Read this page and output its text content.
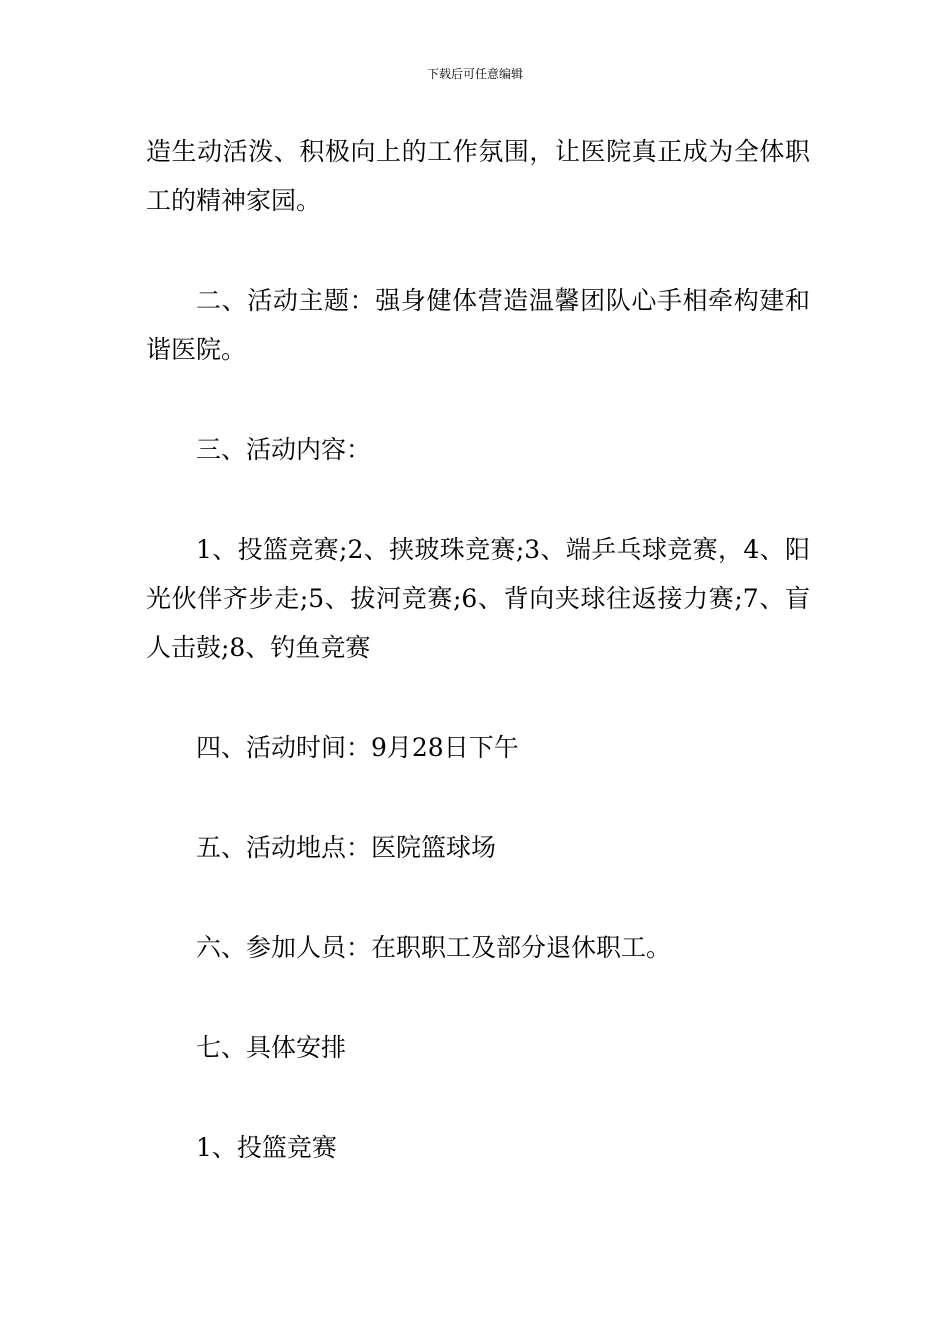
下载后可任意编辑

造生动活泼、积极向上的工作氛围，让医院真正成为全体职工的精神家园。

二、活动主题：强身健体营造温馨团队心手相牵构建和谐医院。

三、活动内容：

1、投篮竞赛;2、挟玻珠竞赛;3、端乒乓球竞赛，4、阳光伙伴齐步走;5、拔河竞赛;6、背向夹球往返接力赛;7、盲人击鼓;8、钓鱼竞赛

四、活动时间：9月28日下午

五、活动地点：医院篮球场

六、参加人员：在职职工及部分退休职工。

七、具体安排

1、投篮竞赛
